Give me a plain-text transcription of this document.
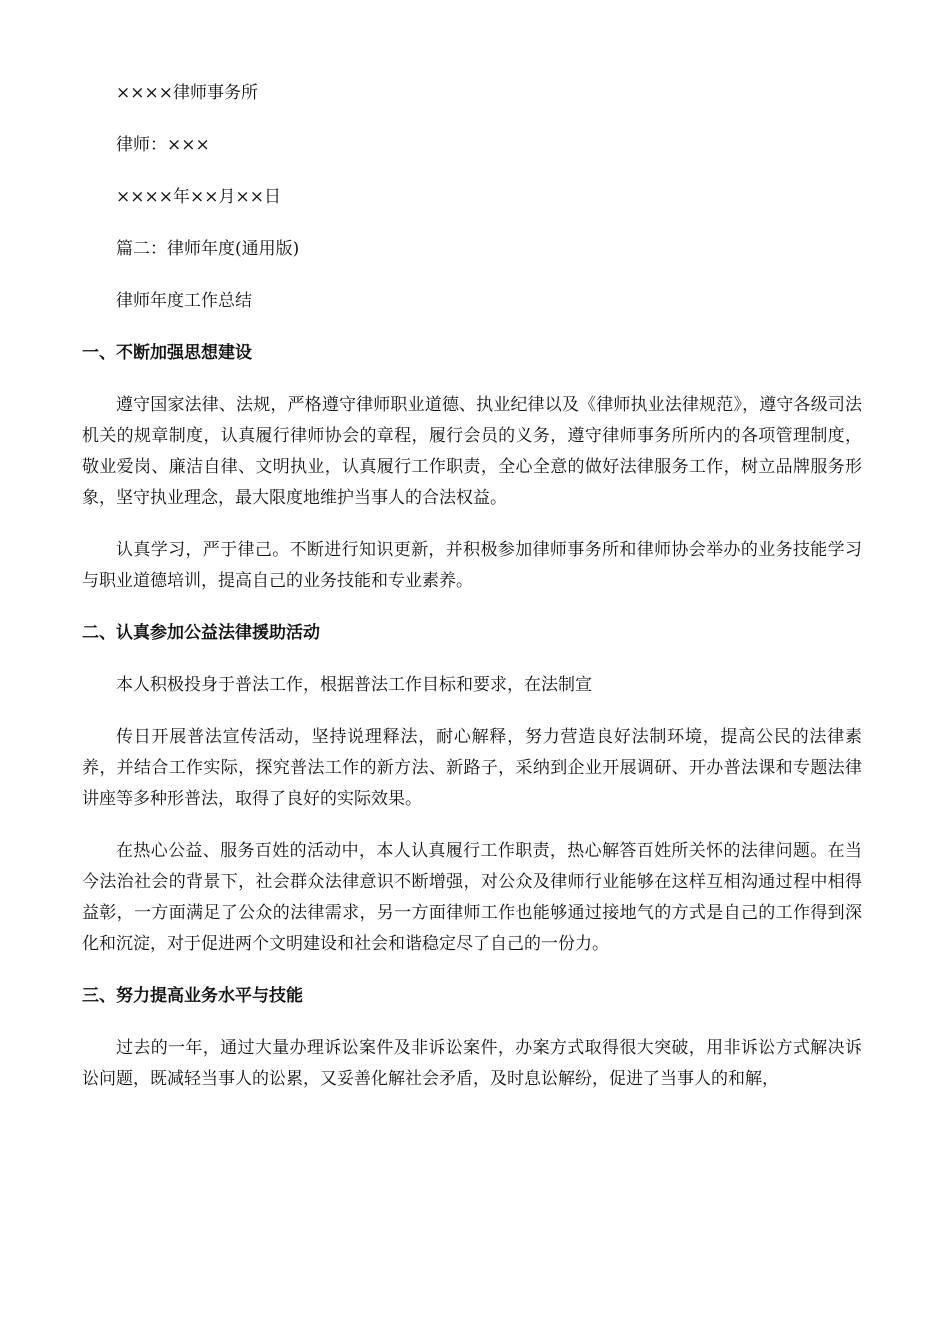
××××律师事务所

律师：×××

××××年××月××日

篇二：律师年度(通用版)

律师年度工作总结

一、不断加强思想建设

遵守国家法律、法规，严格遵守律师职业道德、执业纪律以及《律师执业法律规范》，遵守各级司法机关的规章制度，认真履行律师协会的章程，履行会员的义务，遵守律师事务所所内的各项管理制度，敬业爱岗、廉洁自律、文明执业，认真履行工作职责，全心全意的做好法律服务工作，树立品牌服务形象，坚守执业理念，最大限度地维护当事人的合法权益。

认真学习，严于律己。不断进行知识更新，并积极参加律师事务所和律师协会举办的业务技能学习与职业道德培训，提高自己的业务技能和专业素养。

二、认真参加公益法律援助活动

本人积极投身于普法工作，根据普法工作目标和要求，在法制宣

传日开展普法宣传活动，坚持说理释法，耐心解释，努力营造良好法制环境，提高公民的法律素养，并结合工作实际，探究普法工作的新方法、新路子，采纳到企业开展调研、开办普法课和专题法律讲座等多种形普法，取得了良好的实际效果。

在热心公益、服务百姓的活动中，本人认真履行工作职责，热心解答百姓所关怀的法律问题。在当今法治社会的背景下，社会群众法律意识不断增强，对公众及律师行业能够在这样互相沟通过程中相得益彰，一方面满足了公众的法律需求，另一方面律师工作也能够通过接地气的方式是自己的工作得到深化和沉淀，对于促进两个文明建设和社会和谐稳定尽了自己的一份力。

三、努力提高业务水平与技能

过去的一年，通过大量办理诉讼案件及非诉讼案件，办案方式取得很大突破，用非诉讼方式解决诉讼问题，既减轻当事人的讼累，又妥善化解社会矛盾，及时息讼解纷，促进了当事人的和解，
